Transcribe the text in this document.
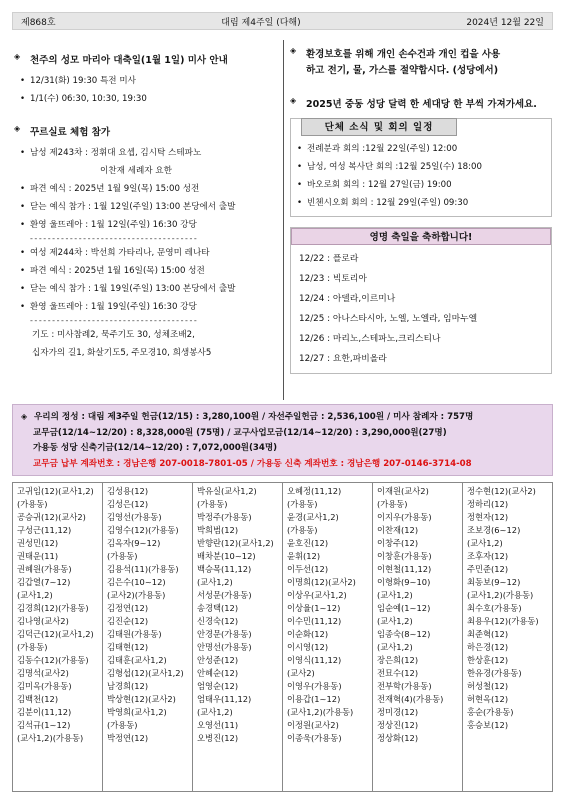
제868호	대림 제4주일 (다해)	2024년 12월 22일
◈	천주의 성모 마리아 대축일(1월 1일) 미사 안내
• 12/31(화) 19:30 특전 미사
• 1/1(수) 06:30, 10:30, 19:30
◈	꾸르실료 체험 참가
• 남성 제243차 : 정휘대 요셉, 김시탁 스테파노
이찬재 세례자 요한
• 파견 예식 : 2025년 1월 9일(목) 15:00 성전
• 닫는 예식 참가 : 1월 12일(주일) 13:00 본당에서 출발
• 환영 울뜨레아 : 1월 12일(주일) 16:30 강당
- - - - - - - - - - - - - - - - - - - - - - - - - - - - - - - - - - - - - -
• 여성 제244차 : 박선희 가타리나, 문영미 레나타
• 파견 예식 : 2025년 1월 16일(목) 15:00 성전
• 닫는 예식 참가 : 1월 19일(주일) 13:00 본당에서 출발
• 환영 울뜨레아 : 1월 19일(주일) 16:30 강당
- - - - - - - - - - - - - - - - - - - - - - - - - - - - - - - - - - - - - -
기도 : 미사참례2, 묵주기도 30, 성체조배2,
십자가의 길1, 화살기도5, 주모경10, 희생봉사5
◈	환경보호를 위해 개인 손수건과 개인 컵을 사용
하고 전기, 물, 가스를 절약합시다. (성당에서)
◈	2025년 중동 성당 달력 한 세대당 한 부씩 가져가세요.
단체 소식 및 회의 일정
• 전례분과 회의 :12월 22일(주일) 12:00
• 남성, 여성 복사단 회의 :12월 25일(수) 18:00
• 바오로회 회의 : 12월 27일(금) 19:00
• 빈첸시오회 회의 : 12월 29일(주일) 09:30
영명 축일을 축하합니다!
12/22 : 플로라
12/23 : 빅토리아
12/24 : 아델라,이르미나
12/25 : 아나스타시아, 노엘, 노엘라, 임마누엘
12/26 : 마리노,스테파노,크리스티나
12/27 : 요한,파비올라
◈ 우리의 정성 : 대림 제3주일 헌금(12/15) : 3,280,100원 / 자선주일헌금 : 2,536,100원 / 미사 참례자 : 757명
교무금(12/14~12/20) : 8,328,000원 (75명) / 교구사업모금(12/14~12/20) : 3,290,000원(27명)
가용동 성당 신축기금(12/14~12/20) : 7,072,000원(34명)
교무금 납부 계좌번호 : 경남은행 207-0018-7801-05 / 가용동 신축 계좌번호 : 경남은행 207-0146-3714-08
고귀임(12)(교사1,2)
(가용동)
공승귀(12)(교사2)
구성근(11,12)
권성민(12)
권태운(11)
권혜원(가용동)
김갑열(7~12)
(교사1,2)
김경희(12)(가용동)
김나영(교사2)
김덕근(12)(교사1,2)
(가용동)
김동수(12)(가용동)
김명석(교사2)
김미옥(가용동)
김백천(12)
김분이(11,12)
김석규(1~12)
(교사1,2)(가용동)
김성용(12)
김성은(12)
김영선(가용동)
김영수(12)(가용동)
김옥자(9~12)
(가용동)
김용석(11)(가용동)
김은수(10~12)
(교사2)(가용동)
김정연(12)
김진순(12)
김태원(가용동)
김태현(12)
김태훈(교사1,2)
김형섭(12)(교사1,2)
남경희(12)
박상현(12)(교사2)
박영희(교사1,2)
(가용동)
박정연(12)
박유실(교사1,2)
(가용동)
박정주(가용동)
박희범(12)
반향란(12)(교사1,2)
배차분(10~12)
백승목(11,12)
(교사1,2)
서성문(가용동)
송경택(12)
신경숙(12)
안경문(가용동)
안명선(가용동)
안성준(12)
안혜순(12)
엄영순(12)
엄태우(11,12)
(교사1,2)
오영선(11)
오병진(12)
오혜정(11,12)
(가용동)
윤경(교사1,2)
(가용동)
윤호진(12)
윤휘(12)
이두선(12)
이명희(12)(교사2)
이상우(교사1,2)
이상율(1~12)
이수민(11,12)
이순화(12)
이시영(12)
이영식(11,12)
(교사2)
이영우(가용동)
이용갑(1~12)
(교사1,2)(가용동)
이정원(교사2)
이종욱(가용동)
이재원(교사2)
(가용동)
이지우(가용동)
이찬재(12)
이창주(12)
이창훈(가용동)
이현철(11,12)
이형화(9~10)
(교사1,2)
임순예(1~12)
(교사1,2)
임종숙(8~12)
(교사1,2)
장은희(12)
전묘수(12)
전부학(가용동)
전재혁(4)(가용동)
정미경(12)
정상진(12)
정상화(12)
정수현(12)(교사2)
정하리(12)
정현자(12)
조보경(6~12)
(교사1,2)
조후자(12)
주민준(12)
최동보(9~12)
(교사1,2)(가용동)
최수호(가용동)
최용우(12)(가용동)
최준혁(12)
하은경(12)
한상훈(12)
한유경(가용동)
허성철(12)
허현옥(12)
홍순(가용동)
홍승보(12)
